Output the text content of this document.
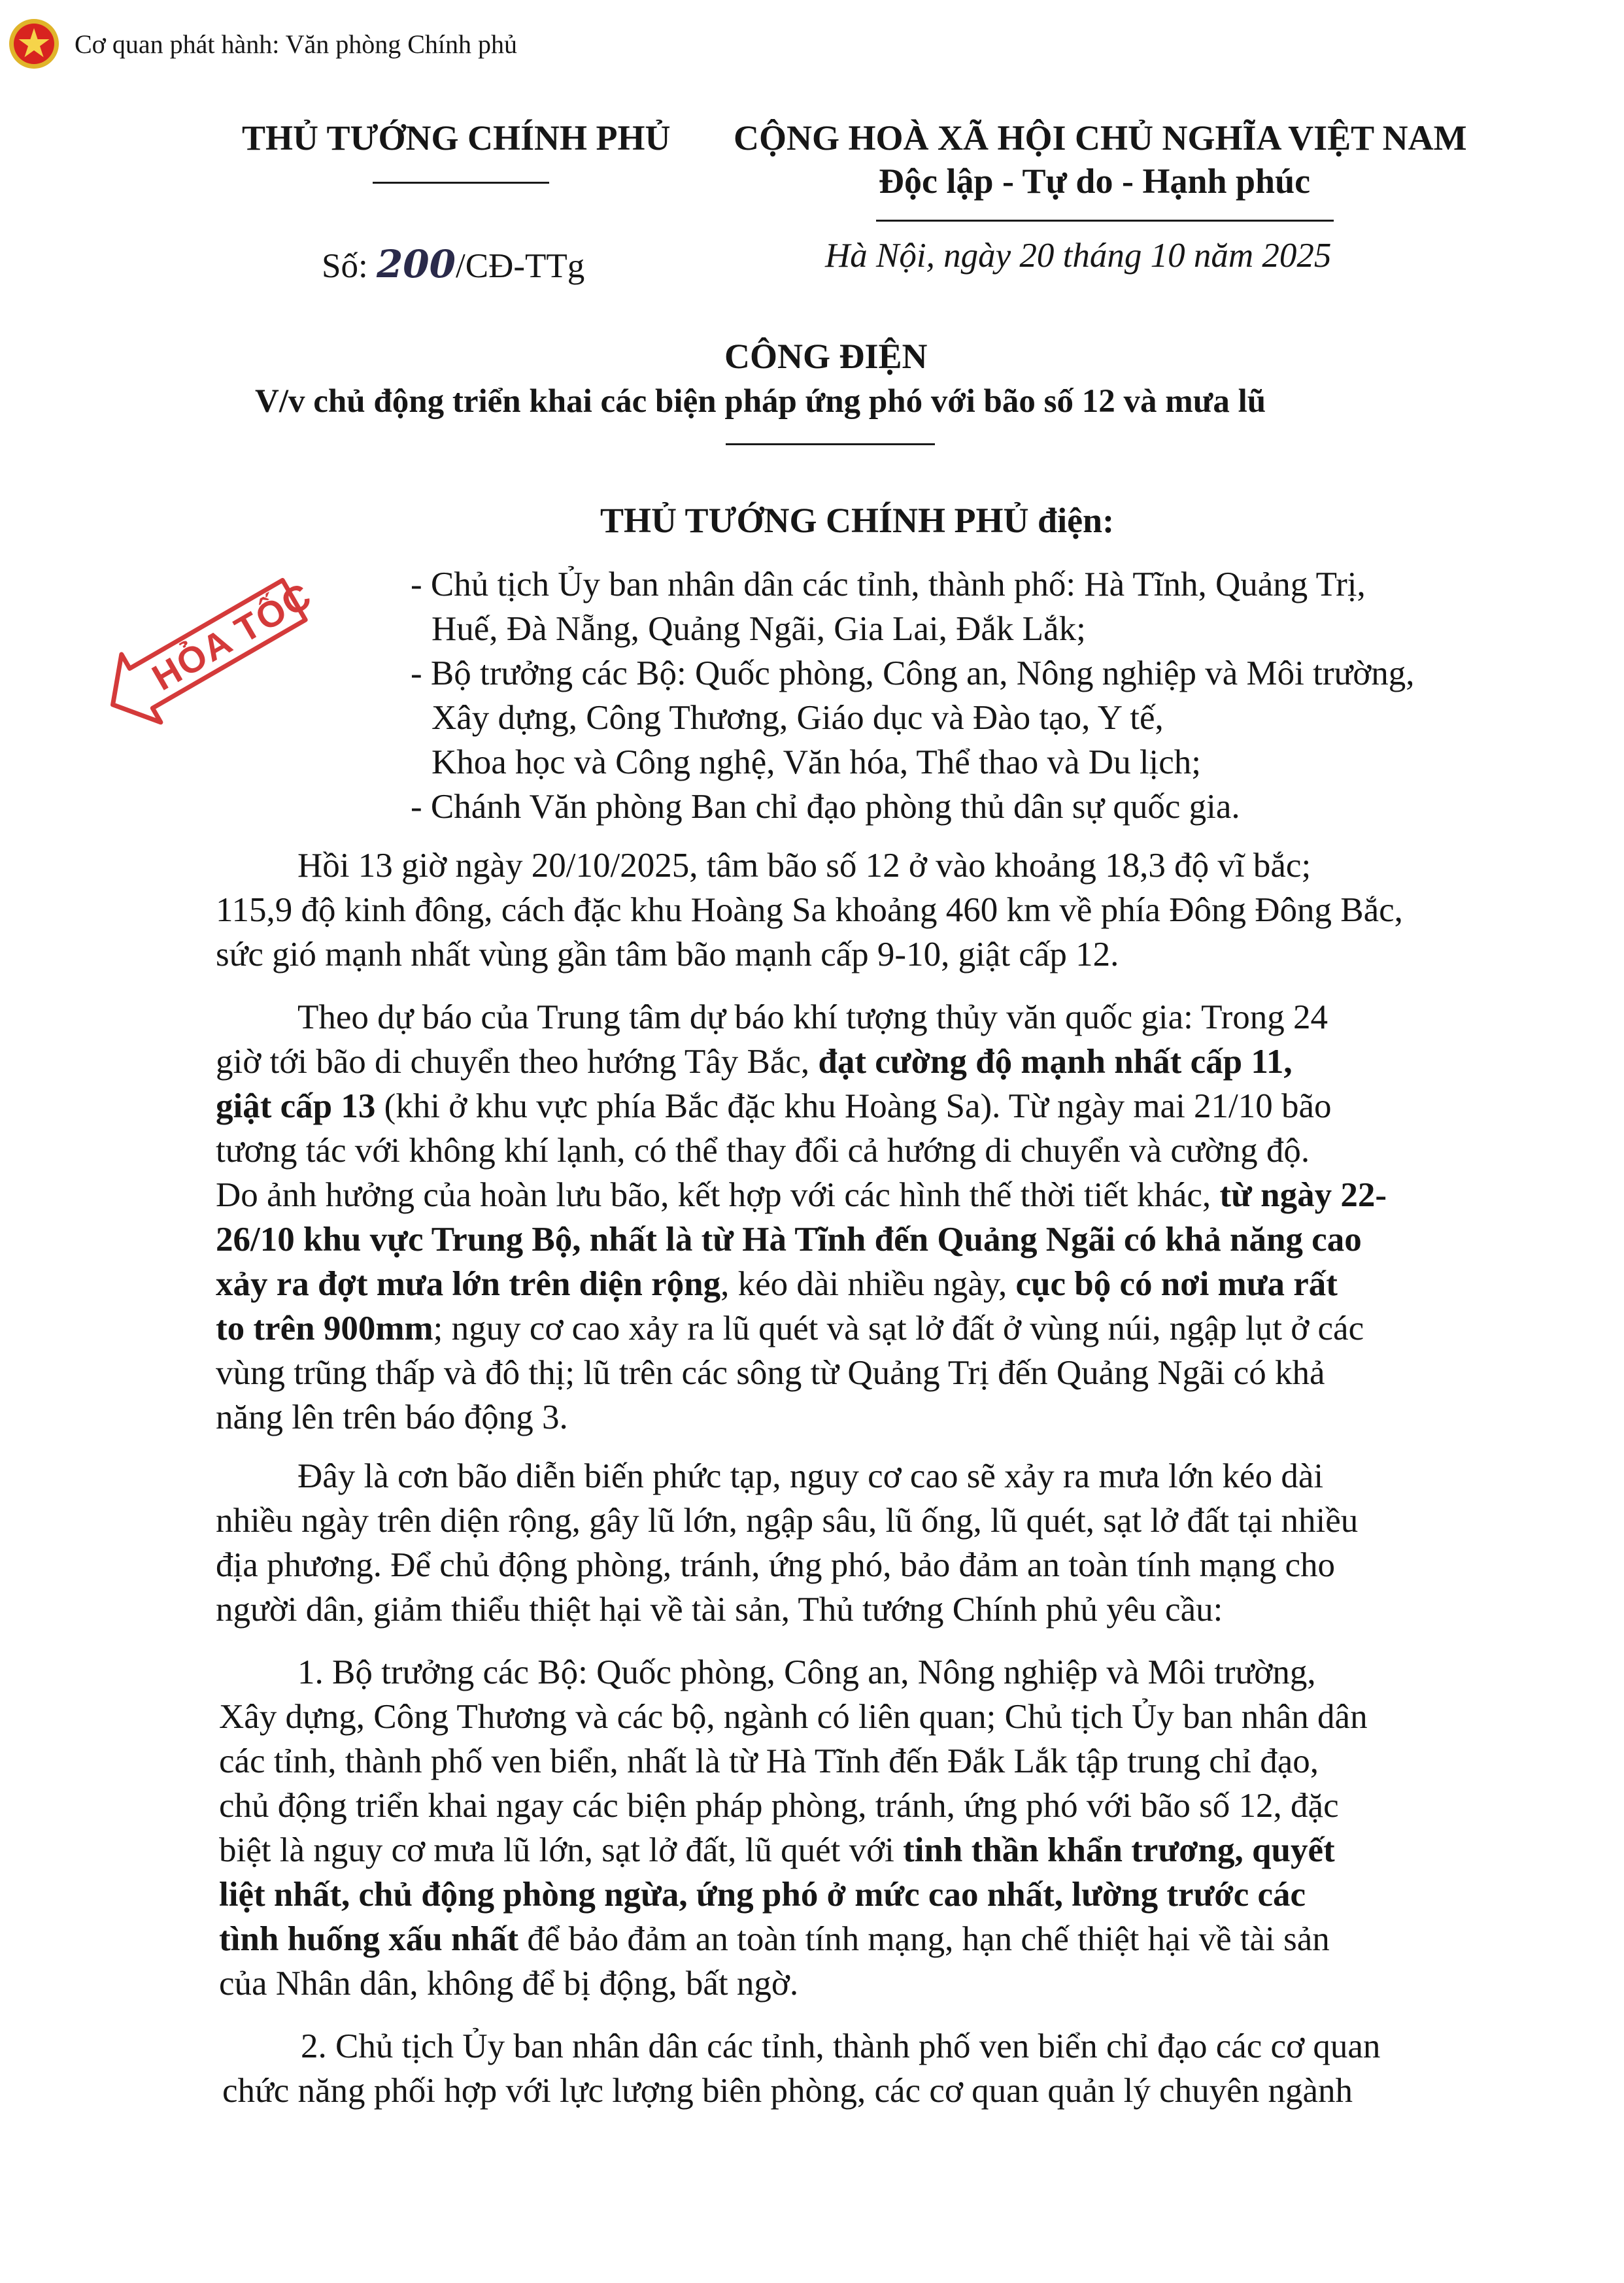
Cơ quan phát hành: Văn phòng Chính phủ
THỦ TƯỚNG CHÍNH PHỦ CỘNG HOÀ XÃ HỘI CHỦ NGHĨA VIỆT NAM
Độc lập - Tự do - Hạnh phúc
Số: 200/CĐ-TTg	Hà Nội, ngày 20 tháng 10 năm 2025
CÔNG ĐIỆN
V/v chủ động triển khai các biện pháp ứng phó với bão số 12 và mưa lũ
THỦ TƯỚNG CHÍNH PHỦ điện:
HỎA TỐC	- Chủ tịch Ủy ban nhân dân các tỉnh, thành phố: Hà Tĩnh, Quảng Trị,
Huế, Đà Nẵng, Quảng Ngãi, Gia Lai, Đắk Lắk;
- Bộ trưởng các Bộ: Quốc phòng, Công an, Nông nghiệp và Môi trường,
Xây dựng, Công Thương, Giáo dục và Đào tạo, Y tế,
Khoa học và Công nghệ, Văn hóa, Thể thao và Du lịch;
- Chánh Văn phòng Ban chỉ đạo phòng thủ dân sự quốc gia.
Hồi 13 giờ ngày 20/10/2025, tâm bão số 12 ở vào khoảng 18,3 độ vĩ bắc;
115,9 độ kinh đông, cách đặc khu Hoàng Sa khoảng 460 km về phía Đông Đông Bắc,
sức gió mạnh nhất vùng gần tâm bão mạnh cấp 9-10, giật cấp 12.
Theo dự báo của Trung tâm dự báo khí tượng thủy văn quốc gia: Trong 24
giờ tới bão di chuyển theo hướng Tây Bắc, đạt cường độ mạnh nhất cấp 11,
giật cấp 13 (khi ở khu vực phía Bắc đặc khu Hoàng Sa). Từ ngày mai 21/10 bão
tương tác với không khí lạnh, có thể thay đổi cả hướng di chuyển và cường độ.
Do ảnh hưởng của hoàn lưu bão, kết hợp với các hình thế thời tiết khác, từ ngày 22-
26/10 khu vực Trung Bộ, nhất là từ Hà Tĩnh đến Quảng Ngãi có khả năng cao
xảy ra đợt mưa lớn trên diện rộng, kéo dài nhiều ngày, cục bộ có nơi mưa rất
to trên 900mm; nguy cơ cao xảy ra lũ quét và sạt lở đất ở vùng núi, ngập lụt ở các
vùng trũng thấp và đô thị; lũ trên các sông từ Quảng Trị đến Quảng Ngãi có khả
năng lên trên báo động 3.
Đây là cơn bão diễn biến phức tạp, nguy cơ cao sẽ xảy ra mưa lớn kéo dài
nhiều ngày trên diện rộng, gây lũ lớn, ngập sâu, lũ ống, lũ quét, sạt lở đất tại nhiều
địa phương. Để chủ động phòng, tránh, ứng phó, bảo đảm an toàn tính mạng cho
người dân, giảm thiểu thiệt hại về tài sản, Thủ tướng Chính phủ yêu cầu:
1. Bộ trưởng các Bộ: Quốc phòng, Công an, Nông nghiệp và Môi trường,
Xây dựng, Công Thương và các bộ, ngành có liên quan; Chủ tịch Ủy ban nhân dân
các tỉnh, thành phố ven biển, nhất là từ Hà Tĩnh đến Đắk Lắk tập trung chỉ đạo,
chủ động triển khai ngay các biện pháp phòng, tránh, ứng phó với bão số 12, đặc
biệt là nguy cơ mưa lũ lớn, sạt lở đất, lũ quét với tinh thần khẩn trương, quyết
liệt nhất, chủ động phòng ngừa, ứng phó ở mức cao nhất, lường trước các
tình huống xấu nhất để bảo đảm an toàn tính mạng, hạn chế thiệt hại về tài sản
của Nhân dân, không để bị động, bất ngờ.
2. Chủ tịch Ủy ban nhân dân các tỉnh, thành phố ven biển chỉ đạo các cơ quan
chức năng phối hợp với lực lượng biên phòng, các cơ quan quản lý chuyên ngành
